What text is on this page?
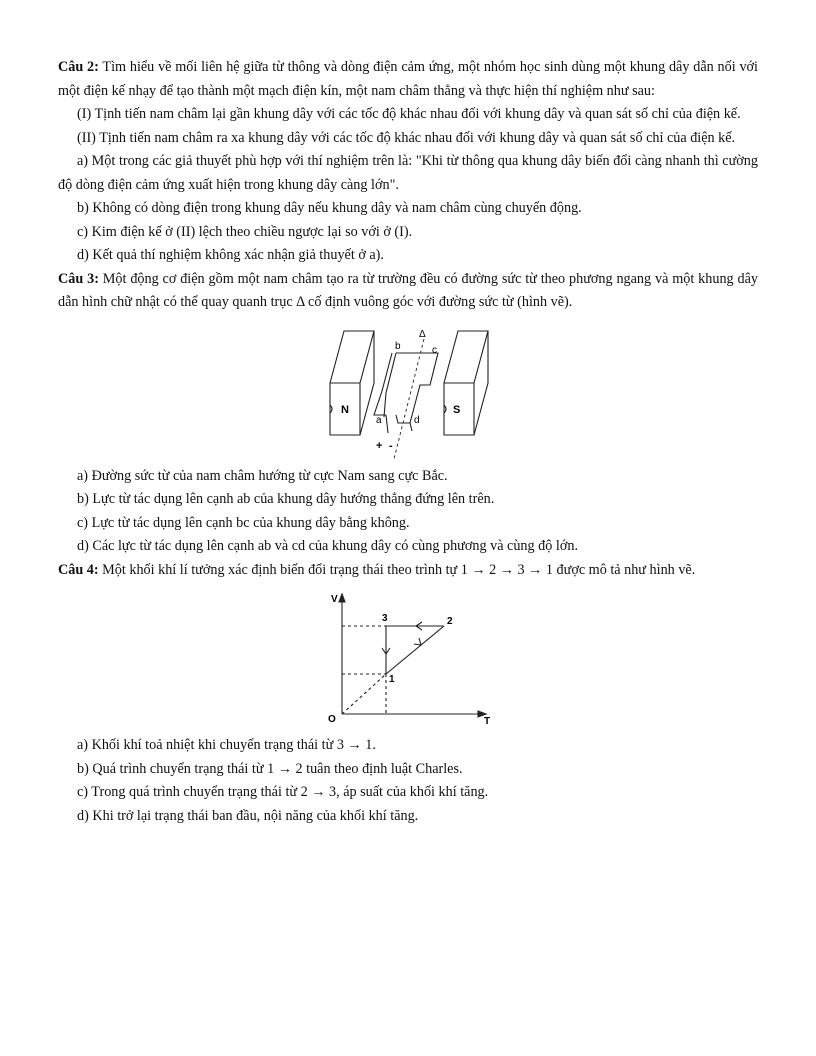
Câu 2: Tìm hiểu về mối liên hệ giữa từ thông và dòng điện cảm ứng, một nhóm học sinh dùng một khung dây dẫn nối với một điện kế nhạy để tạo thành một mạch điện kín, một nam châm thẳng và thực hiện thí nghiệm như sau:

(I) Tịnh tiến nam châm lại gần khung dây với các tốc độ khác nhau đối với khung dây và quan sát số chỉ của điện kế.

(II) Tịnh tiến nam châm ra xa khung dây với các tốc độ khác nhau đối với khung dây và quan sát số chỉ của điện kế.

a) Một trong các giả thuyết phù hợp với thí nghiệm trên là: "Khi từ thông qua khung dây biến đổi càng nhanh thì cường độ dòng điện cảm ứng xuất hiện trong khung dây càng lớn".

b) Không có dòng điện trong khung dây nếu khung dây và nam châm cùng chuyển động.

c) Kim điện kế ở (II) lệch theo chiều ngược lại so với ở (I).

d) Kết quả thí nghiệm không xác nhận giả thuyết ở a).

Câu 3: Một động cơ điện gồm một nam châm tạo ra từ trường đều có đường sức từ theo phương ngang và một khung dây dẫn hình chữ nhật có thể quay quanh trục Δ cố định vuông góc với đường sức từ (hình vẽ).

N	S
Δ
a
b	c
d
+ -

a) Đường sức từ của nam châm hướng từ cực Nam sang cực Bắc.

b) Lực từ tác dụng lên cạnh ab của khung dây hướng thẳng đứng lên trên.

c) Lực từ tác dụng lên cạnh bc của khung dây bằng không.

d) Các lực từ tác dụng lên cạnh ab và cd của khung dây có cùng phương và cùng độ lớn.

Câu 4: Một khối khí lí tưởng xác định biến đổi trạng thái theo trình tự 1 → 2 → 3 → 1 được mô tả như hình vẽ.

V
T
O
1
2
3

a) Khối khí toả nhiệt khi chuyển trạng thái từ 3 → 1.

b) Quá trình chuyển trạng thái từ 1 → 2 tuân theo định luật Charles.

c) Trong quá trình chuyển trạng thái từ 2 → 3, áp suất của khối khí tăng.

d) Khi trở lại trạng thái ban đầu, nội năng của khối khí tăng.
